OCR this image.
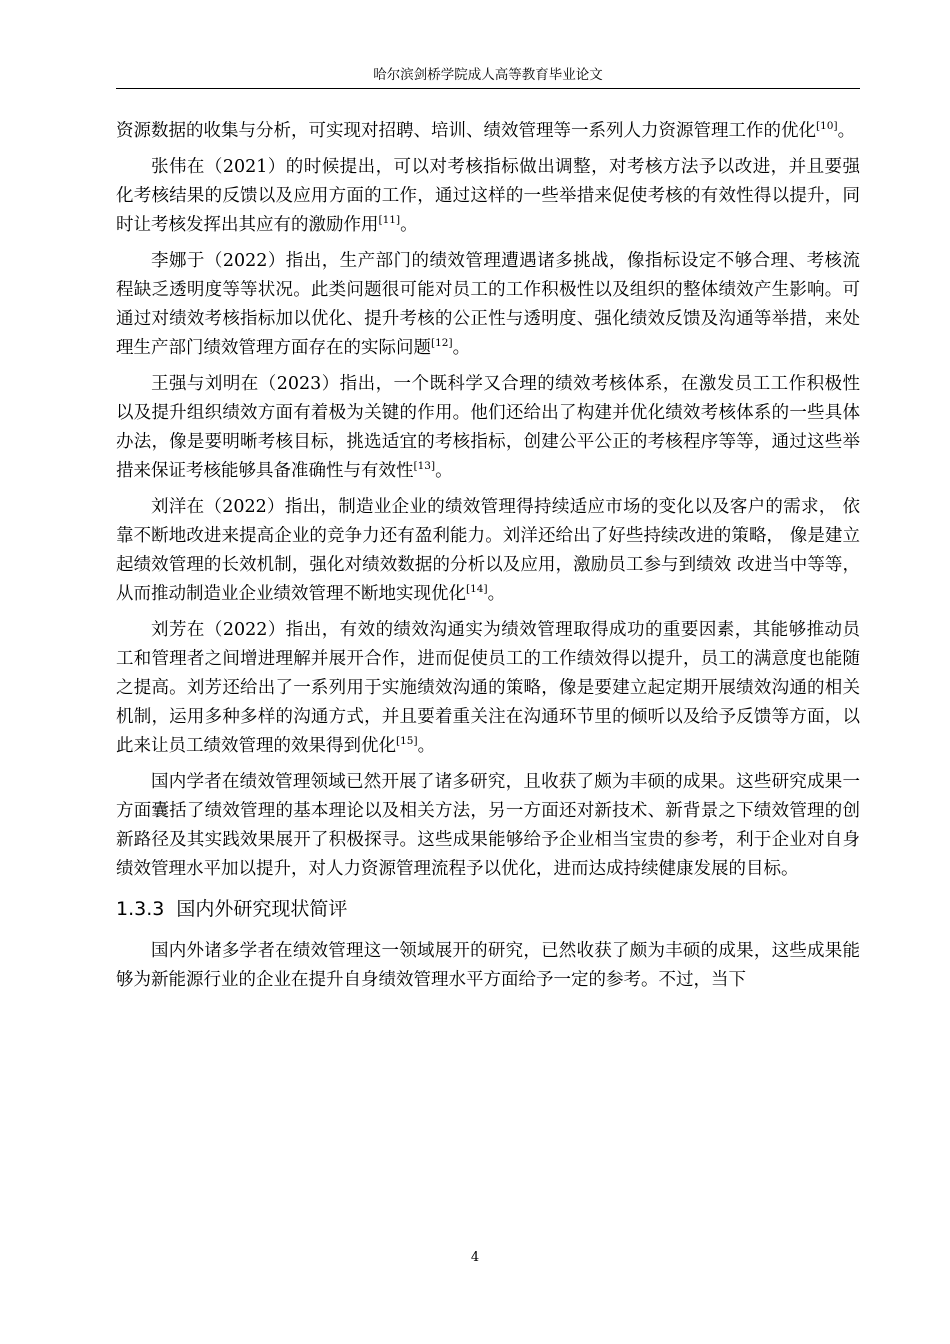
哈尔滨剑桥学院成人高等教育毕业论文

资源数据的收集与分析，可实现对招聘、培训、绩效管理等一系列人力资源管理工作的优化[10]。

张伟在（2021）的时候提出，可以对考核指标做出调整，对考核方法予以改进，并且要强化考核结果的反馈以及应用方面的工作，通过这样的一些举措来促使考核的有效性得以提升，同时让考核发挥出其应有的激励作用[11]。

李娜于（2022）指出，生产部门的绩效管理遭遇诸多挑战，像指标设定不够合理、考核流程缺乏透明度等等状况。此类问题很可能对员工的工作积极性以及组织的整体绩效产生影响。可通过对绩效考核指标加以优化、提升考核的公正性与透明度、强化绩效反馈及沟通等举措，来处理生产部门绩效管理方面存在的实际问题[12]。

王强与刘明在（2023）指出，一个既科学又合理的绩效考核体系，在激发员工工作积极性以及提升组织绩效方面有着极为关键的作用。他们还给出了构建并优化绩效考核体系的一些具体办法，像是要明晰考核目标，挑选适宜的考核指标，创建公平公正的考核程序等等，通过这些举措来保证考核能够具备准确性与有效性[13]。

刘洋在（2022）指出，制造业企业的绩效管理得持续适应市场的变化以及客户的需求， 依靠不断地改进来提高企业的竞争力还有盈利能力。刘洋还给出了好些持续改进的策略， 像是建立起绩效管理的长效机制，强化对绩效数据的分析以及应用，激励员工参与到绩效 改进当中等等，从而推动制造业企业绩效管理不断地实现优化[14]。

刘芳在（2022）指出，有效的绩效沟通实为绩效管理取得成功的重要因素，其能够推动员工和管理者之间增进理解并展开合作，进而促使员工的工作绩效得以提升，员工的满意度也能随之提高。刘芳还给出了一系列用于实施绩效沟通的策略，像是要建立起定期开展绩效沟通的相关机制，运用多种多样的沟通方式，并且要着重关注在沟通环节里的倾听以及给予反馈等方面，以此来让员工绩效管理的效果得到优化[15]。

国内学者在绩效管理领域已然开展了诸多研究，且收获了颇为丰硕的成果。这些研究成果一方面囊括了绩效管理的基本理论以及相关方法，另一方面还对新技术、新背景之下绩效管理的创新路径及其实践效果展开了积极探寻。这些成果能够给予企业相当宝贵的参考，利于企业对自身绩效管理水平加以提升，对人力资源管理流程予以优化，进而达成持续健康发展的目标。

1.3.3 国内外研究现状简评

国内外诸多学者在绩效管理这一领域展开的研究，已然收获了颇为丰硕的成果，这些成果能够为新能源行业的企业在提升自身绩效管理水平方面给予一定的参考。不过，当下

4
